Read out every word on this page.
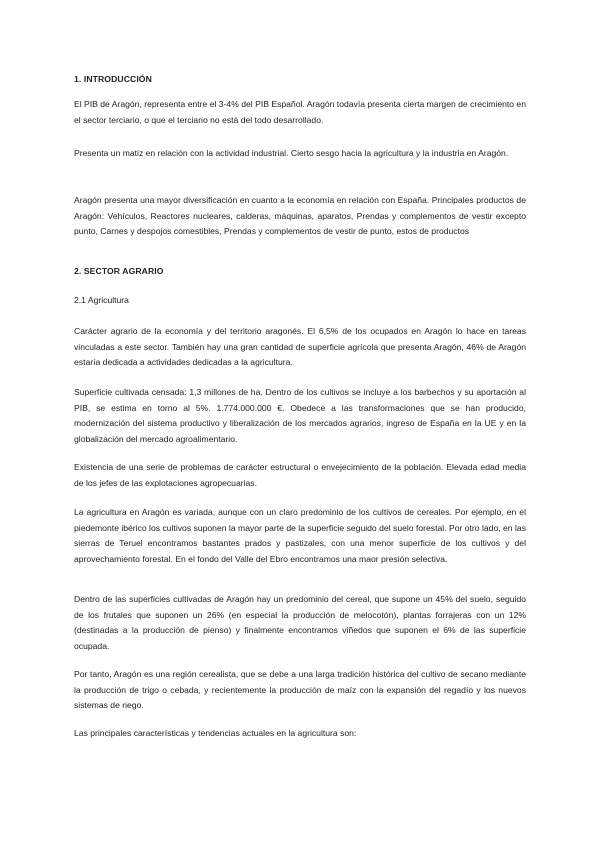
1. INTRODUCCIÓN

El PIB de Aragón, representa entre el 3-4% del PIB Español. Aragón todavía presenta cierta margen de crecimiento en el sector terciario, o que el terciario no está del todo desarrollado.

Presenta un matiz en relación con la actividad industrial. Cierto sesgo hacia la agricultura y la industria en Aragón.

Aragón presenta una mayor diversificación en cuanto a la economía en relación con España. Principales productos de Aragón: Vehículos, Reactores nucleares, calderas, máquinas, aparatos, Prendas y complementos de vestir excepto punto, Carnes y despojos comestibles, Prendas y complementos de vestir de punto, estos de productos

2. SECTOR AGRARIO

2.1 Agricultura

Carácter agrario de la economía y del territorio aragonés. El 6,5% de los ocupados en Aragón lo hace en tareas vinculadas a este sector. También hay una gran cantidad de superficie agrícola que presenta Aragón, 46% de Aragón estaría dedicada a actividades dedicadas a la agricultura.

Superficie cultivada censada: 1,3 millones de ha. Dentro de los cultivos se incluye a los barbechos y su aportación al PIB, se estima en torno al 5%. 1.774.000.000 €. Obedece a las transformaciones que se han producido, modernización del sistema productivo y liberalización de los mercados agrarios, ingreso de España en la UE y en la globalización del mercado agroalimentario.

Existencia de una serie de problemas de carácter estructural o envejecimiento de la población. Elevada edad media de los jefes de las explotaciones agropecuarias.

La agricultura en Aragón es variada, aunque con un claro predominio de los cultivos de cereales. Por ejemplo, en el piedemonte ibérico los cultivos suponen la mayor parte de la superficie seguido del suelo forestal. Por otro lado, en las sierras de Teruel encontramos bastantes prados y pastizales, con una menor superficie de los cultivos y del aprovechamiento forestal. En el fondo del Valle del Ebro encontramos una maor presión selectiva.

Dentro de las superficies cultivadas de Aragón hay un predominio del cereal, que supone un 45% del suelo, seguido de los frutales que suponen un 26% (en especial la producción de melocotón), plantas forrajeras con un 12% (destinadas a la producción de pienso) y finalmente encontramos viñedos que suponen el 6% de las superficie ocupada.

Por tanto, Aragón es una región cerealista, que se debe a una larga tradición histórica del cultivo de secano mediante la producción de trigo o cebada, y recientemente la producción de maíz con la expansión del regadío y los nuevos sistemas de riego.

Las principales características y tendencias actuales en la agricultura son:
